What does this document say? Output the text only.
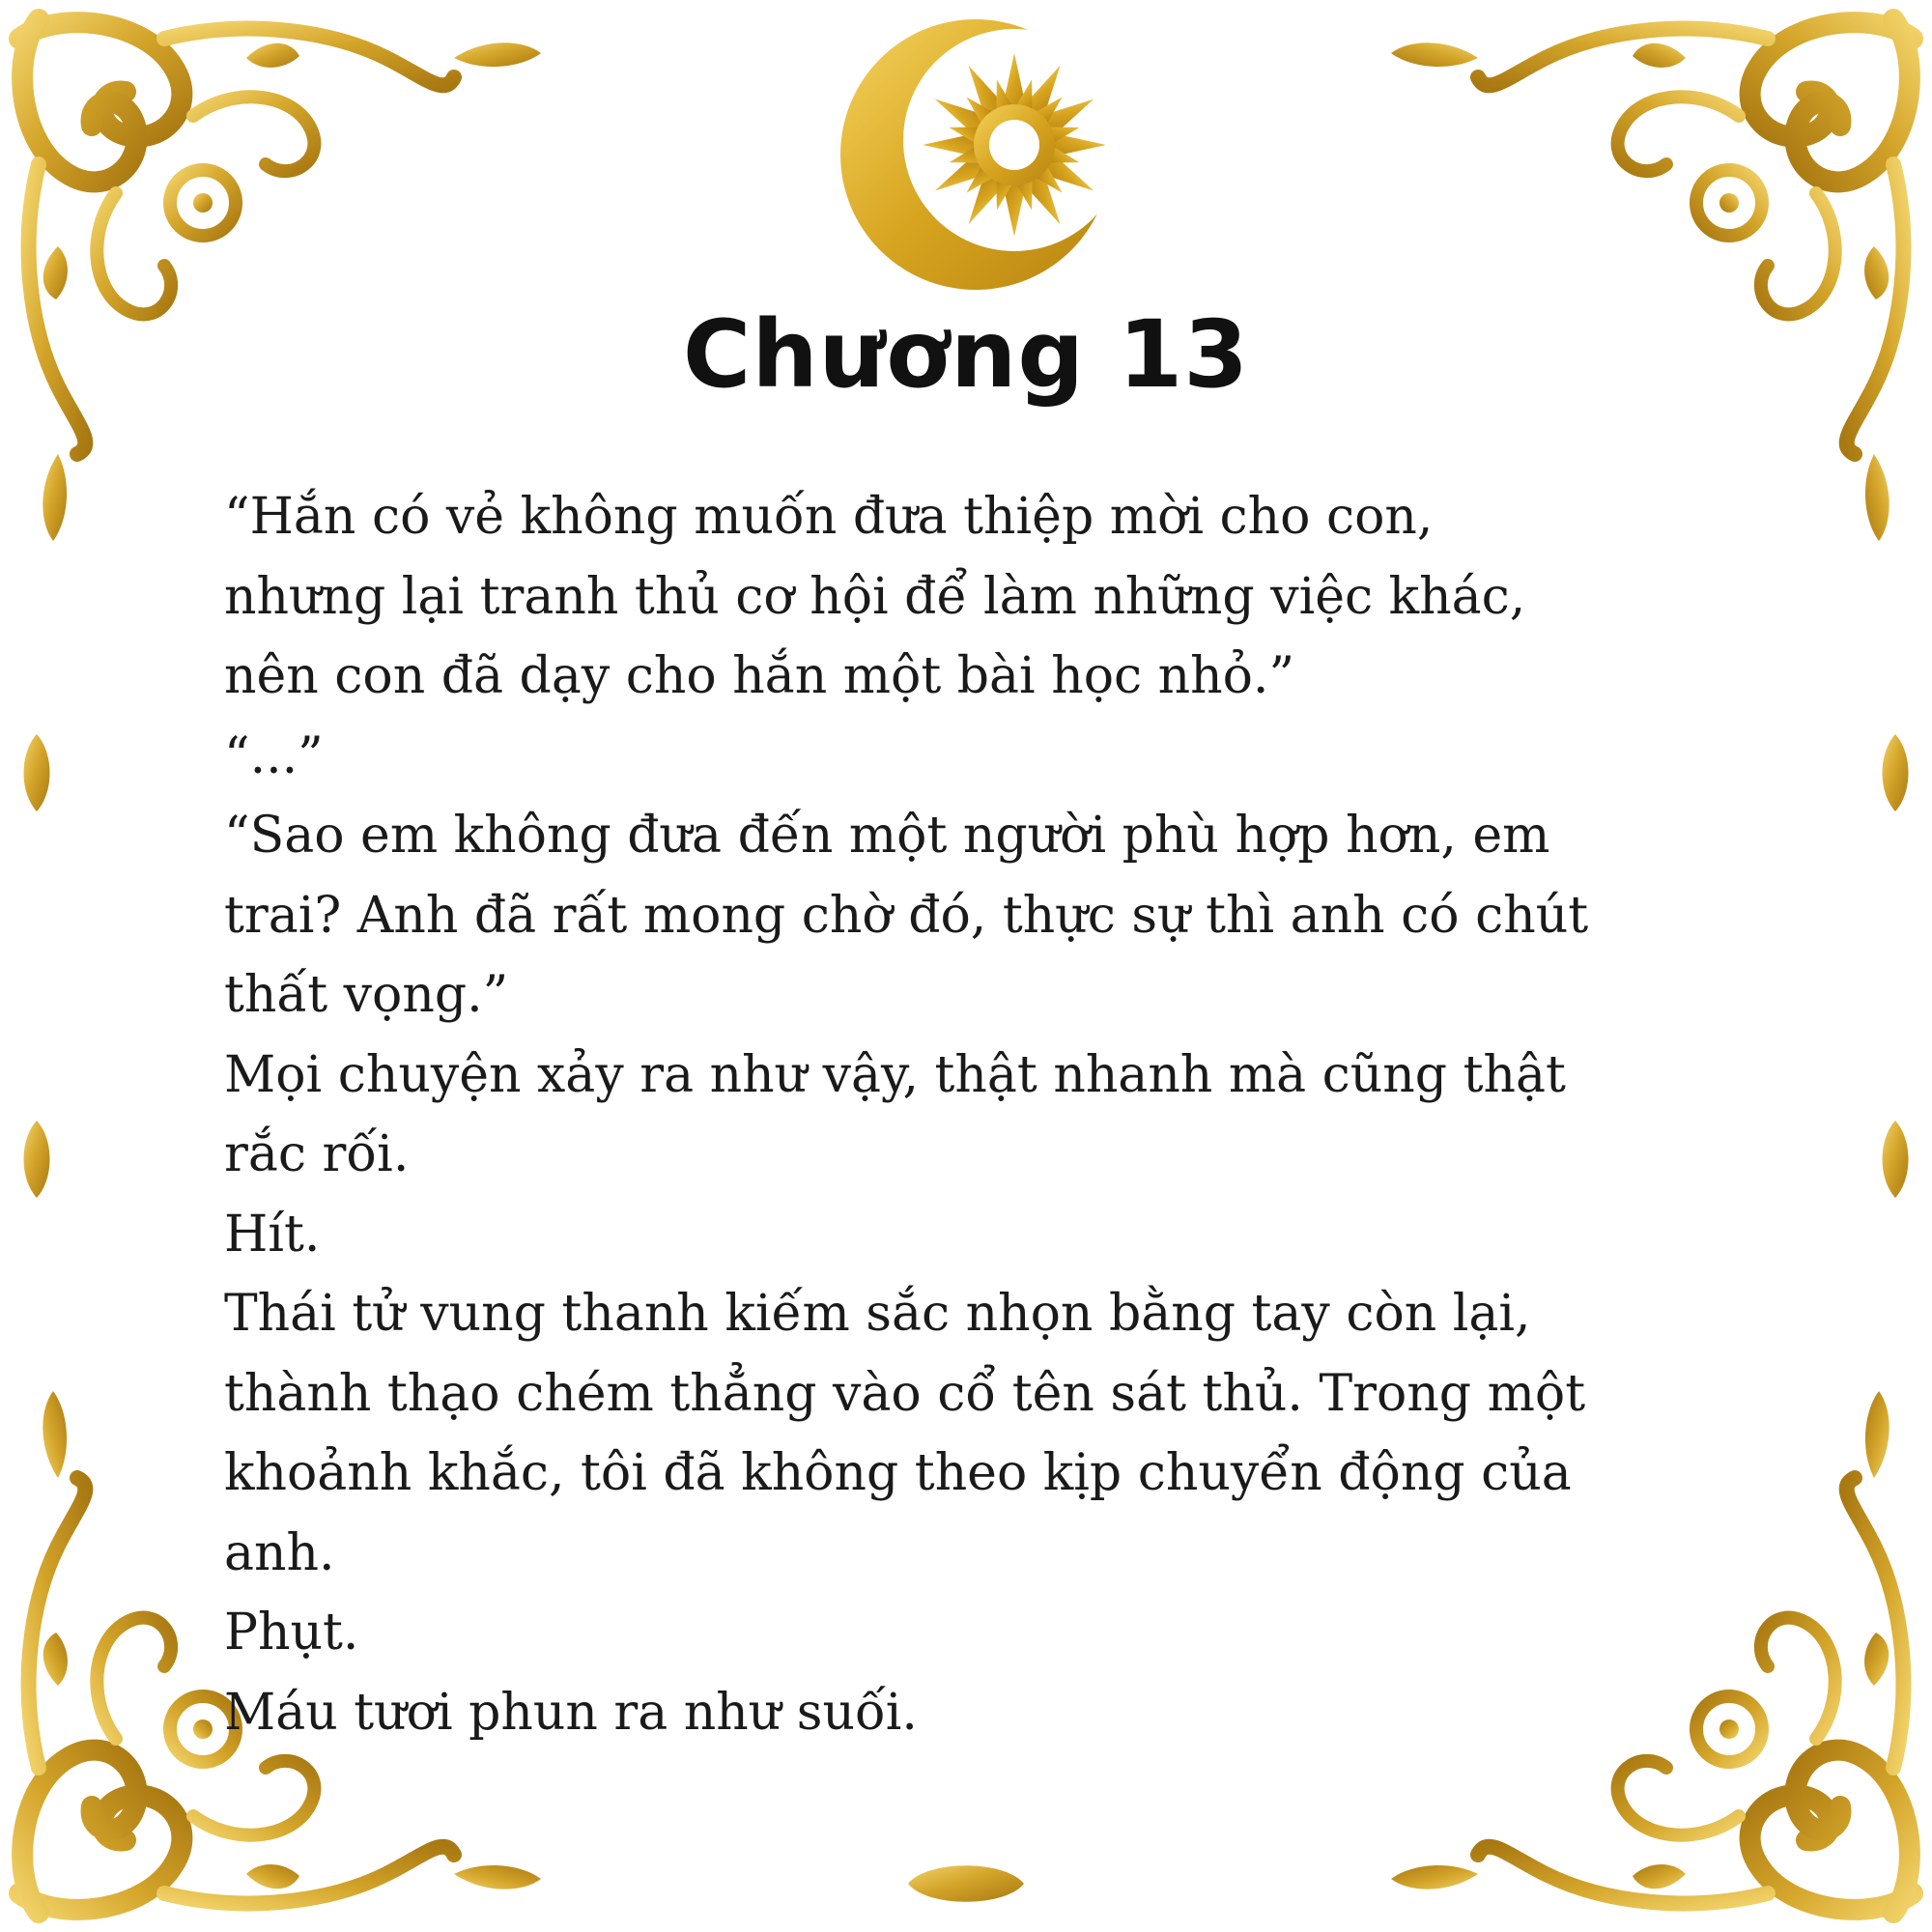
Chương 13

“Hắn có vẻ không muốn đưa thiệp mời cho con,

nhưng lại tranh thủ cơ hội để làm những việc khác,

nên con đã dạy cho hắn một bài học nhỏ.”

“...”

“Sao em không đưa đến một người phù hợp hơn, em

trai? Anh đã rất mong chờ đó, thực sự thì anh có chút

thất vọng.”

Mọi chuyện xảy ra như vậy, thật nhanh mà cũng thật

rắc rối.

Hít.

Thái tử vung thanh kiếm sắc nhọn bằng tay còn lại,

thành thạo chém thẳng vào cổ tên sát thủ. Trong một

khoảnh khắc, tôi đã không theo kịp chuyển động của

anh.

Phụt.

Máu tươi phun ra như suối.
